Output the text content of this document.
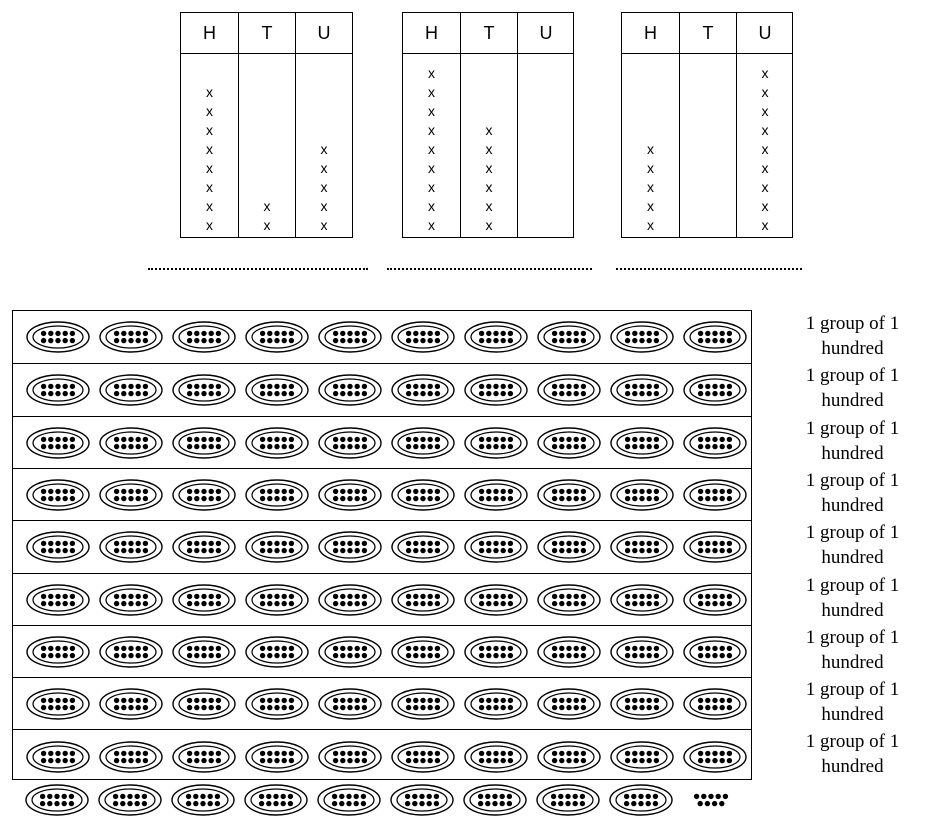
H
x
x
x
x
x
x
x
x
T
x
x
U
x
x
x
x
x
H
x
x
x
x
x
x
x
x
x
T
x
x
x
x
x
x
U	H
x
x
x
x
x
T	U
x
x
x
x
x
x
x
x
x
1 group of 1
hundred
1 group of 1
hundred
1 group of 1
hundred
1 group of 1
hundred
1 group of 1
hundred
1 group of 1
hundred
1 group of 1
hundred
1 group of 1
hundred
1 group of 1
hundred
